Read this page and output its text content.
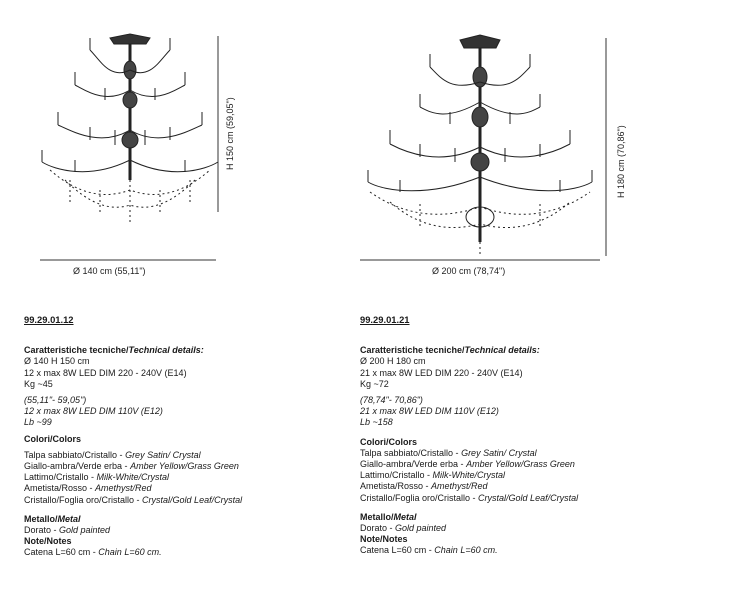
H 150 cm (59,05")
Ø 140 cm (55,11")
H 180 cm (70,86")
Ø 200 cm (78,74")
99.29.01.12
Caratteristiche tecniche/Technical details:
Ø 140 H 150 cm
12 x max 8W LED DIM 220 - 240V (E14)
Kg ~45
(55,11"- 59,05")
12 x max 8W LED DIM 110V (E12)
Lb ~99
Colori/Colors
Talpa sabbiato/Cristallo - Grey Satin/ Crystal
Giallo-ambra/Verde erba - Amber Yellow/Grass Green
Lattimo/Cristallo - Milk-White/Crystal
Ametista/Rosso - Amethyst/Red
Cristallo/Foglia oro/Cristallo - Crystal/Gold Leaf/Crystal
Metallo/Metal
Dorato - Gold painted
Note/Notes
Catena L=60 cm - Chain L=60 cm.
99.29.01.21
Caratteristiche tecniche/Technical details:
Ø 200 H 180 cm
21 x max 8W LED DIM 220 - 240V (E14)
Kg ~72
(78,74"- 70,86")
21 x max 8W LED DIM 110V (E12)
Lb ~158
Colori/Colors
Talpa sabbiato/Cristallo - Grey Satin/ Crystal
Giallo-ambra/Verde erba - Amber Yellow/Grass Green
Lattimo/Cristallo - Milk-White/Crystal
Ametista/Rosso - Amethyst/Red
Cristallo/Foglia oro/Cristallo - Crystal/Gold Leaf/Crystal
Metallo/Metal
Dorato - Gold painted
Note/Notes
Catena L=60 cm - Chain L=60 cm.
